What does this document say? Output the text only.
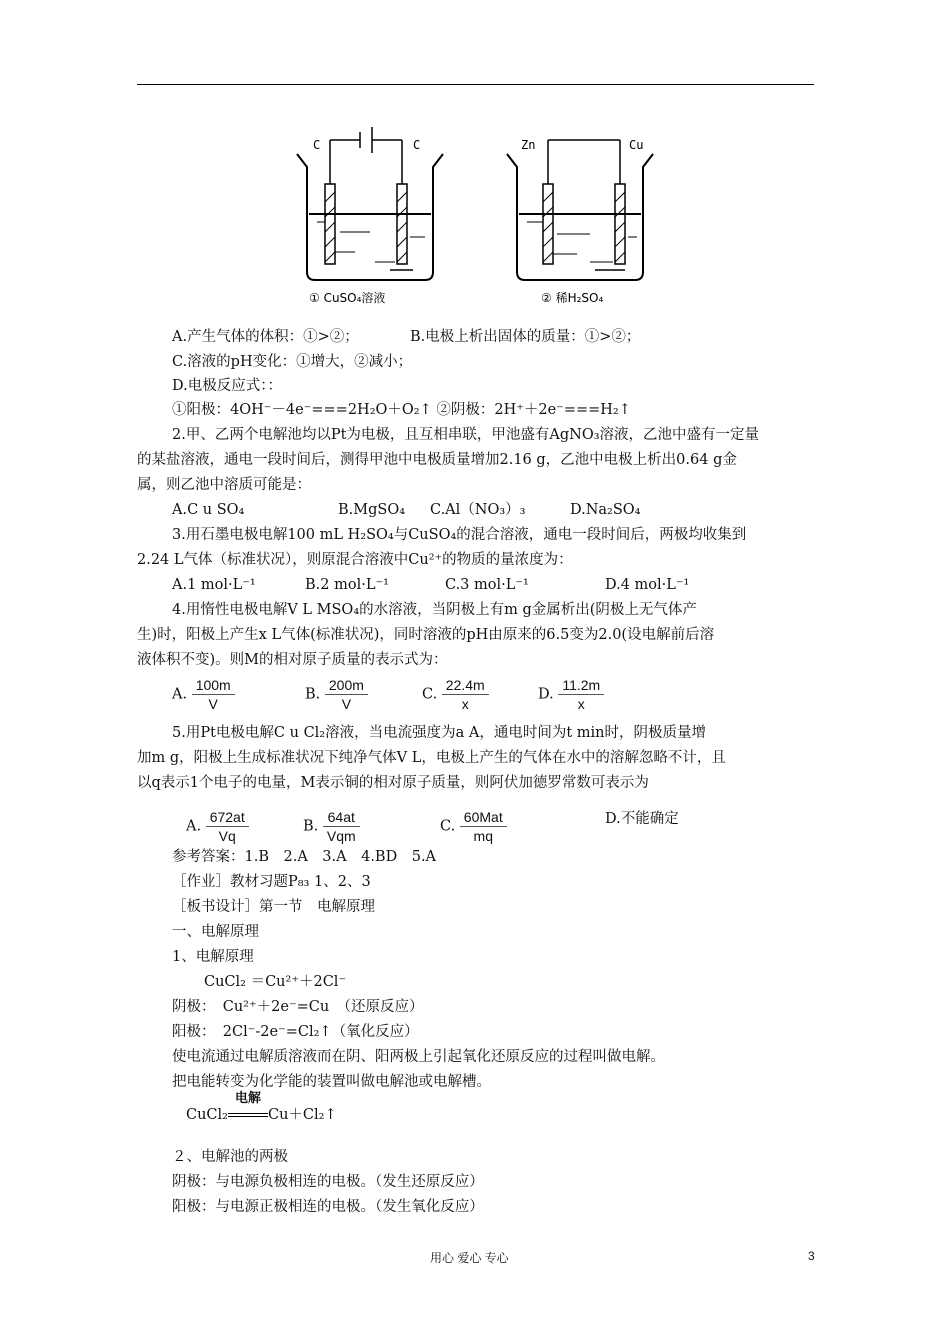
C	C
① CuSO₄溶液
Zn	Cu
② 稀H₂SO₄
A.产生气体的体积：①>②；	B.电极上析出固体的质量：①>②；
C.溶液的pH变化：①增大，②减小；
D.电极反应式：：
①阳极：4OH⁻－4e⁻===2H₂O＋O₂↑ ②阴极：2H⁺＋2e⁻===H₂↑
2.甲、乙两个电解池均以Pt为电极，且互相串联，甲池盛有AgNO₃溶液，乙池中盛有一定量
的某盐溶液，通电一段时间后，测得甲池中电极质量增加2.16 g，乙池中电极上析出0.64 g金
属，则乙池中溶质可能是：
A.C u SO₄	B.MgSO₄ C.Al（NO₃）₃	D.Na₂SO₄
3.用石墨电极电解100 mL H₂SO₄与CuSO₄的混合溶液，通电一段时间后，两极均收集到
2.24 L气体（标准状况），则原混合溶液中Cu²⁺的物质的量浓度为：
A.1 mol·L⁻¹	B.2 mol·L⁻¹	C.3 mol·L⁻¹	D.4 mol·L⁻¹
4.用惰性电极电解V L MSO₄的水溶液，当阴极上有m g金属析出(阴极上无气体产
生)时，阳极上产生x L气体(标准状况)，同时溶液的pH由原来的6.5变为2.0(设电解前后溶
液体积不变)。则M的相对原子质量的表示式为：
A. $\frac{100m}{V}$	B. $\frac{200m}{V}$	C. $\frac{22.4m}{x}$	D. $\frac{11.2m}{x}$
5.用Pt电极电解C u Cl₂溶液，当电流强度为a A，通电时间为t min时，阴极质量增
加m g，阳极上生成标准状况下纯净气体V L，电极上产生的气体在水中的溶解忽略不计，且
以q表示1个电子的电量，M表示铜的相对原子质量，则阿伏加德罗常数可表示为
A. $\frac{672at}{Vq}$	B. $\frac{64at}{\text{Vqm}}$	C. $\frac{\text{60Mat}}{mq}$	D.不能确定
参考答案：1.B　2.A　3.A　4.BD　5.A
［作业］教材习题P₈₃ 1、2、3
［板书设计］第一节　电解原理
一、电解原理
1、电解原理
CuCl₂ ＝Cu²⁺＋2Cl⁻
阴极：　Cu²⁺＋2e⁻=Cu　（还原反应）
阳极：　2Cl⁻-2e⁻=Cl₂↑（氧化反应）
使电流通过电解质溶液而在阴、阳两极上引起氧化还原反应的过程叫做电解。
把电能转变为化学能的装置叫做电解池或电解槽。
CuCl₂
电解
Cu＋Cl₂↑
２、电解池的两极
阴极：与电源负极相连的电极。（发生还原反应）
阳极：与电源正极相连的电极。（发生氧化反应）
用心 爱心 专心	3
